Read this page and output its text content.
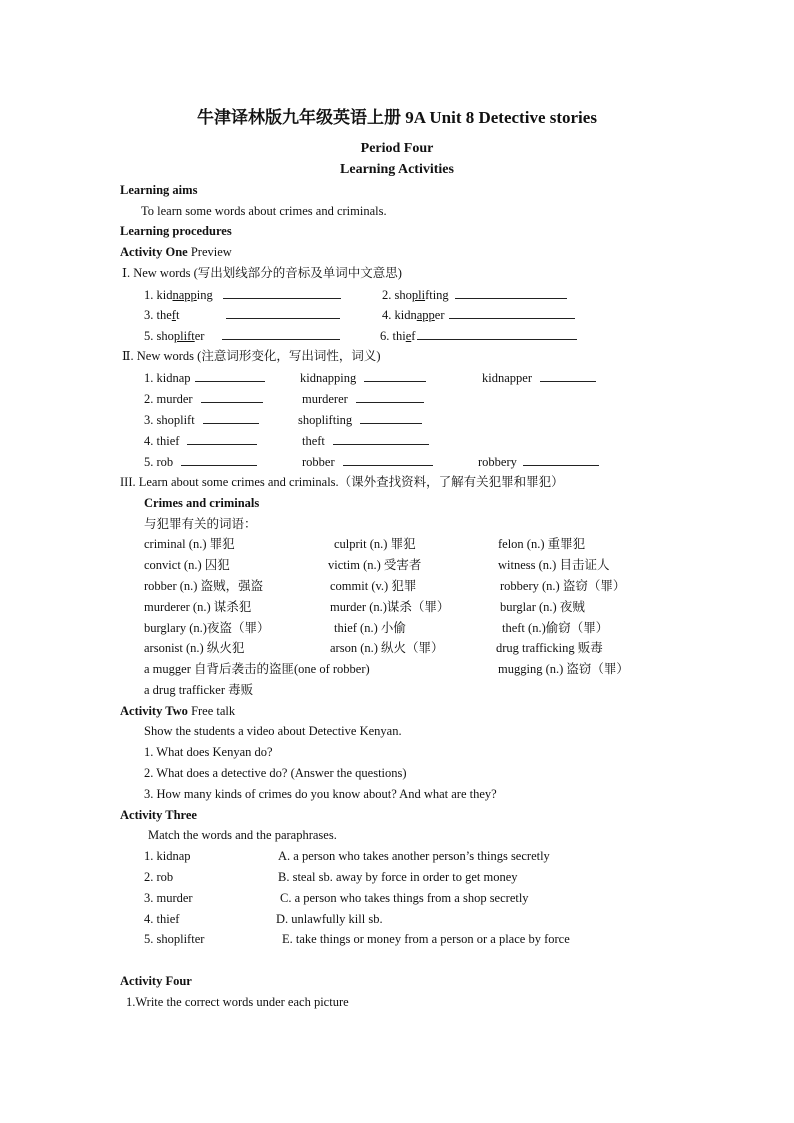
牛津译林版九年级英语上册 9A Unit 8 Detective stories
Period Four
Learning Activities
Learning aims
To learn some words about crimes and criminals.
Learning procedures
Activity One Preview
Ⅰ. New words (写出划线部分的音标及单词中文意思)
1. kidnapping	2. shoplifting
3. theft	4. kidnapper
5. shoplifter	6. thief
Ⅱ. New words (注意词形变化，写出词性，词义)
1. kidnap	kidnapping	kidnapper
2. murder	murderer
3. shoplift	shoplifting
4. thief	theft
5. rob	robber	robbery
III. Learn about some crimes and criminals.（课外查找资料，了解有关犯罪和罪犯）
Crimes and criminals
与犯罪有关的词语：
criminal (n.) 罪犯	culprit (n.) 罪犯	felon (n.) 重罪犯
convict (n.) 囚犯	victim (n.) 受害者	witness (n.) 目击证人
robber (n.) 盗贼，强盗	commit (v.) 犯罪	robbery (n.) 盗窃（罪）
murderer (n.) 谋杀犯	murder (n.)谋杀（罪）	burglar (n.) 夜贼
burglary (n.)夜盗（罪）	thief (n.) 小偷	theft (n.)偷窃（罪）
arsonist (n.) 纵火犯	arson (n.) 纵火（罪）	drug trafficking 贩毒
a mugger 自背后袭击的盗匪(one of robber)	mugging (n.) 盗窃（罪）
a drug trafficker 毒贩
Activity Two Free talk
Show the students a video about Detective Kenyan.
1. What does Kenyan do?
2. What does a detective do? (Answer the questions)
3. How many kinds of crimes do you know about? And what are they?
Activity Three
Match the words and the paraphrases.
1. kidnap	A. a person who takes another person’s things secretly
2. rob	B. steal sb. away by force in order to get money
3. murder	C. a person who takes things from a shop secretly
4. thief	D. unlawfully kill sb.
5. shoplifter	E. take things or money from a person or a place by force
Activity Four
1.Write the correct words under each picture
